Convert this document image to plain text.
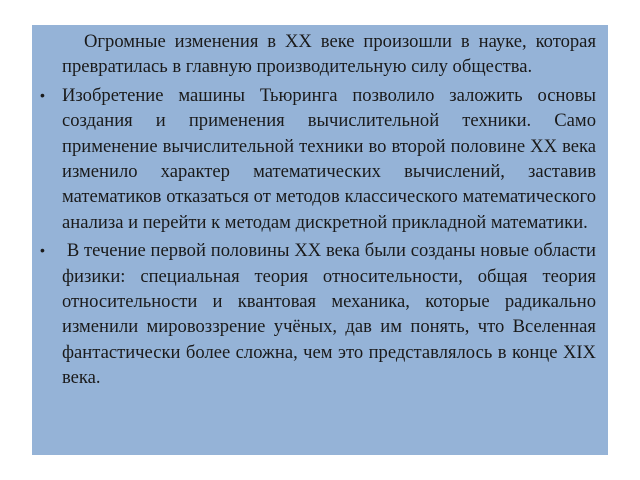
Огромные изменения в XX веке произошли в науке, которая превратилась в главную производительную силу общества.

• Изобретение машины Тьюринга позволило заложить основы создания и применения вычислительной техники. Само применение вычислительной техники во второй половине XX века изменило характер математических вычислений, заставив математиков отказаться от методов классического математического анализа и перейти к методам дискретной прикладной математики.

• В течение первой половины XX века были созданы новые области физики: специальная теория относительности, общая теория относительности и квантовая механика, которые радикально изменили мировоззрение учёных, дав им понять, что Вселенная фантастически более сложна, чем это представлялось в конце XIX века.
